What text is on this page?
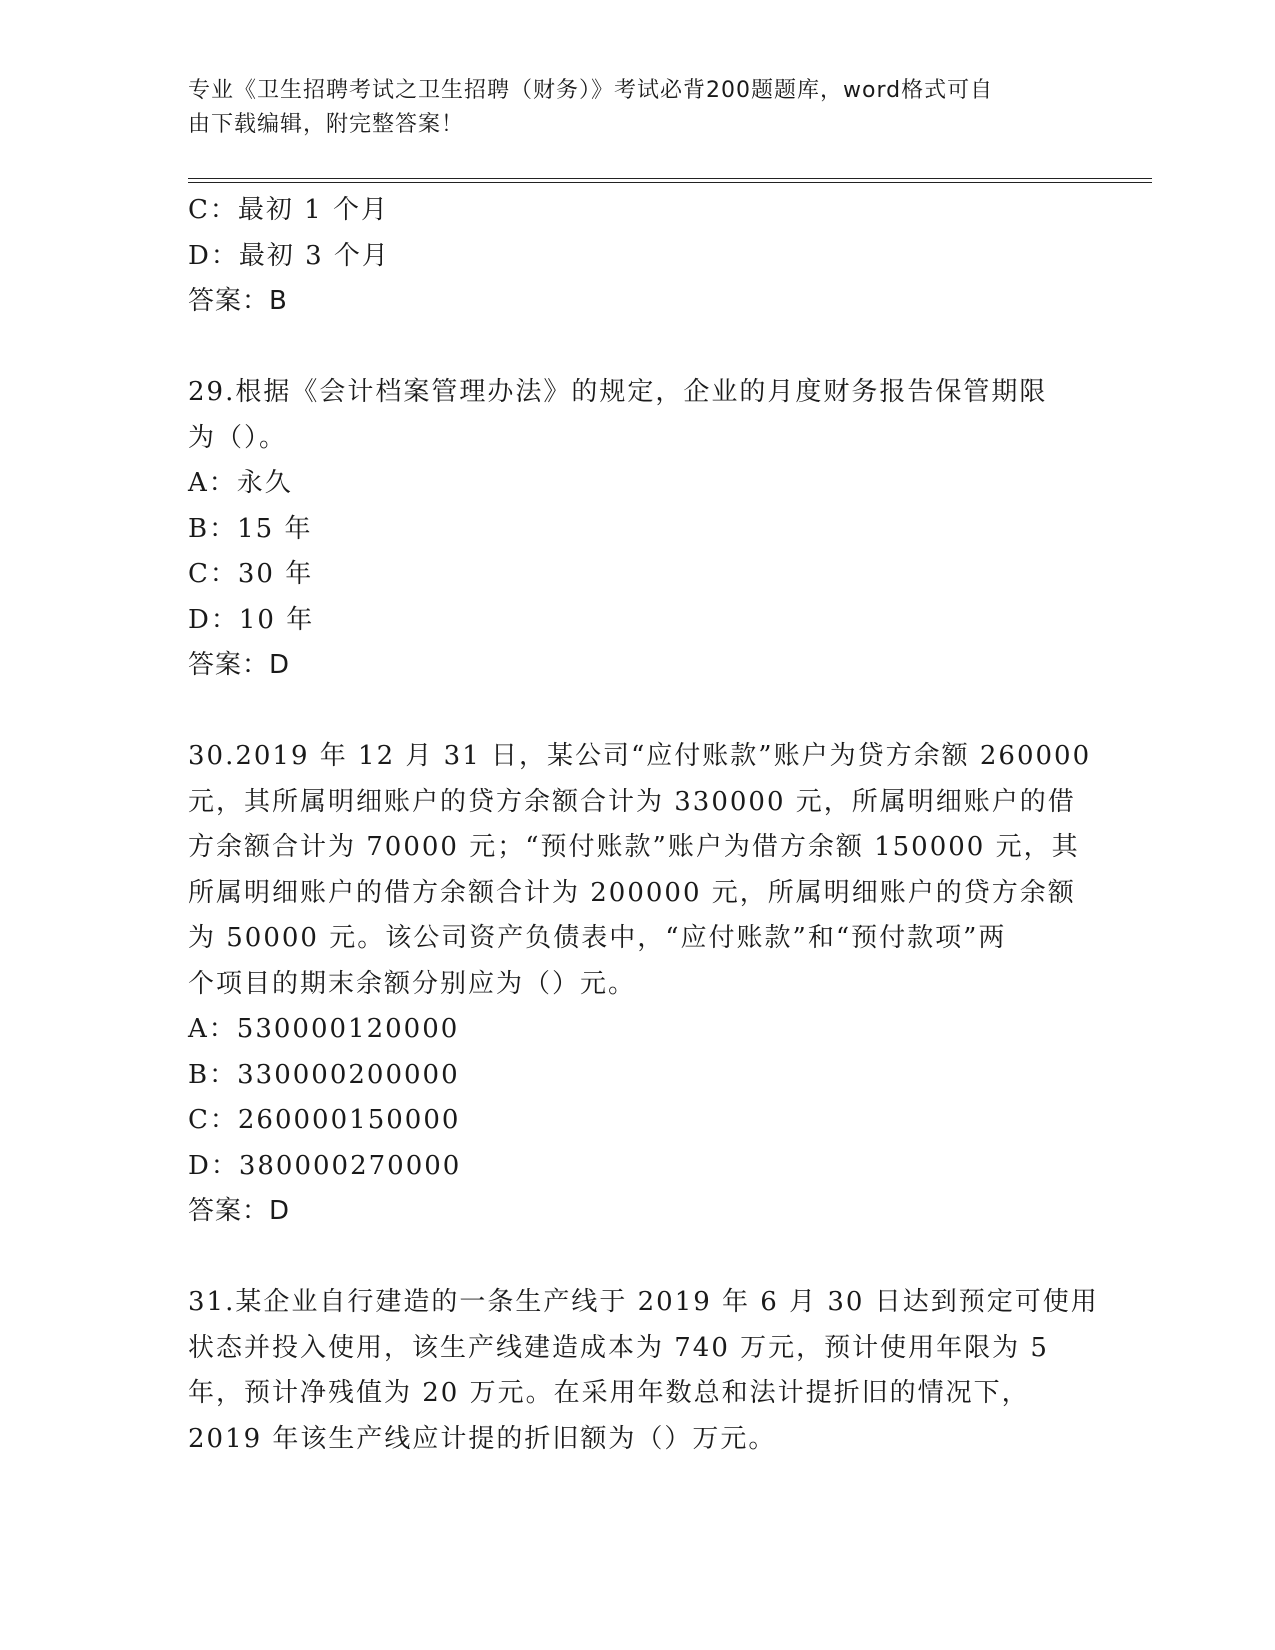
专业《卫生招聘考试之卫生招聘（财务）》考试必背200题题库，word格式可自
由下载编辑，附完整答案！
C：最初 1 个月
D：最初 3 个月
答案：B
29.根据《会计档案管理办法》的规定，企业的月度财务报告保管期限
为（）。
A：永久
B：15 年
C：30 年
D：10 年
答案：D
30.2019 年 12 月 31 日，某公司“应付账款”账户为贷方余额 260000
元，其所属明细账户的贷方余额合计为 330000 元，所属明细账户的借
方余额合计为 70000 元；“预付账款”账户为借方余额 150000 元，其
所属明细账户的借方余额合计为 200000 元，所属明细账户的贷方余额
为 50000 元。该公司资产负债表中，“应付账款”和“预付款项”两
个项目的期末余额分别应为（）元。
A：530000120000
B：330000200000
C：260000150000
D：380000270000
答案：D
31.某企业自行建造的一条生产线于 2019 年 6 月 30 日达到预定可使用
状态并投入使用，该生产线建造成本为 740 万元，预计使用年限为 5
年，预计净残值为 20 万元。在采用年数总和法计提折旧的情况下，
2019 年该生产线应计提的折旧额为（）万元。
